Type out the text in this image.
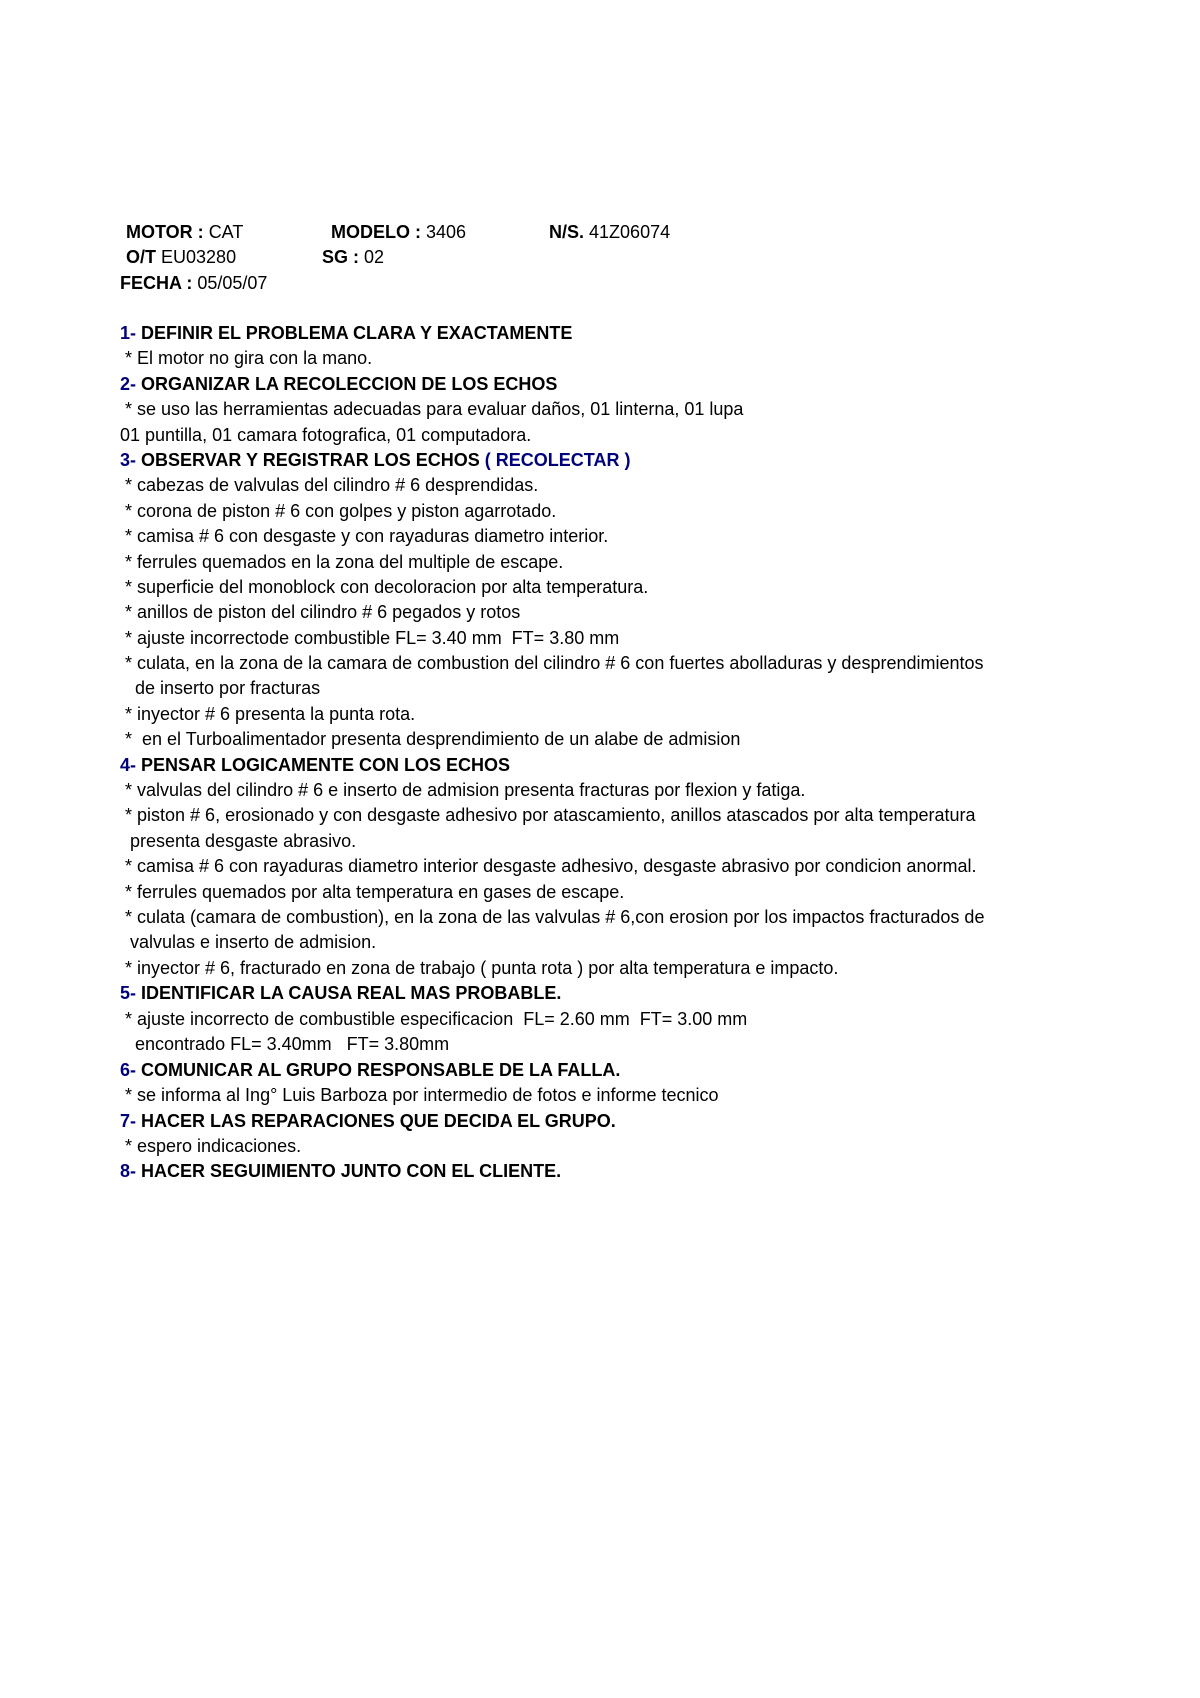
MOTOR : CAT	MODELO : 3406	N/S. 41Z06074
O/T EU03280	SG : 02
FECHA : 05/05/07
1- DEFINIR EL PROBLEMA CLARA Y EXACTAMENTE
* El motor no gira con la mano.
2- ORGANIZAR LA RECOLECCION DE LOS ECHOS
* se uso las herramientas adecuadas para evaluar daños, 01 linterna, 01 lupa
01 puntilla, 01 camara fotografica, 01 computadora.
3- OBSERVAR Y REGISTRAR LOS ECHOS ( RECOLECTAR )
* cabezas de valvulas del cilindro # 6 desprendidas.
* corona de piston # 6 con golpes y piston agarrotado.
* camisa # 6 con desgaste y con rayaduras diametro interior.
* ferrules quemados en la zona del multiple de escape.
* superficie del monoblock con decoloracion por alta temperatura.
* anillos de piston del cilindro # 6 pegados y rotos
* ajuste incorrectode combustible FL= 3.40 mm  FT= 3.80 mm
* culata, en la zona de la camara de combustion del cilindro # 6 con fuertes abolladuras y desprendimientos
de inserto por fracturas
* inyector # 6 presenta la punta rota.
*  en el Turboalimentador presenta desprendimiento de un alabe de admision
4- PENSAR LOGICAMENTE CON LOS ECHOS
* valvulas del cilindro # 6 e inserto de admision presenta fracturas por flexion y fatiga.
* piston # 6, erosionado y con desgaste adhesivo por atascamiento, anillos atascados por alta temperatura
presenta desgaste abrasivo.
* camisa # 6 con rayaduras diametro interior desgaste adhesivo, desgaste abrasivo por condicion anormal.
* ferrules quemados por alta temperatura en gases de escape.
* culata (camara de combustion), en la zona de las valvulas # 6,con erosion por los impactos fracturados de
valvulas e inserto de admision.
* inyector # 6, fracturado en zona de trabajo ( punta rota ) por alta temperatura e impacto.
5- IDENTIFICAR LA CAUSA REAL MAS PROBABLE.
* ajuste incorrecto de combustible especificacion  FL= 2.60 mm  FT= 3.00 mm
encontrado FL= 3.40mm   FT= 3.80mm
6- COMUNICAR AL GRUPO RESPONSABLE DE LA FALLA.
* se informa al Ing° Luis Barboza por intermedio de fotos e informe tecnico
7- HACER LAS REPARACIONES QUE DECIDA EL GRUPO.
* espero indicaciones.
8- HACER SEGUIMIENTO JUNTO CON EL CLIENTE.
